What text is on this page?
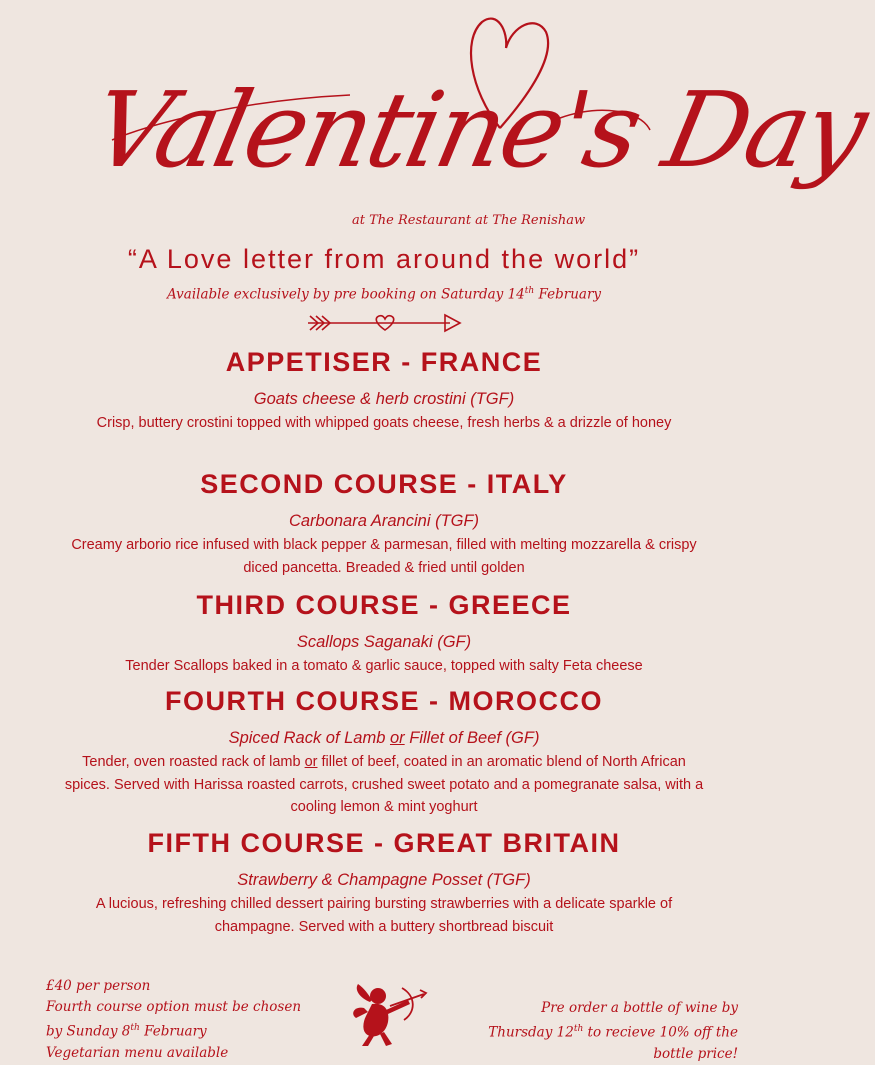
Valentine's Day
at The Restaurant at The Renishaw
“A Love letter from around the world”
Available exclusively by pre booking on Saturday 14th February
APPETISER - FRANCE
Goats cheese & herb crostini (TGF)
Crisp, buttery crostini topped with whipped goats cheese, fresh herbs & a drizzle of honey
SECOND COURSE - ITALY
Carbonara Arancini (TGF)
Creamy arborio rice infused with black pepper & parmesan, filled with melting mozzarella & crispy diced pancetta. Breaded & fried until golden
THIRD COURSE - GREECE
Scallops Saganaki (GF)
Tender Scallops baked in a tomato & garlic sauce, topped with salty Feta cheese
FOURTH COURSE - MOROCCO
Spiced Rack of Lamb or Fillet of Beef (GF)
Tender, oven roasted rack of lamb or fillet of beef, coated in an aromatic blend of North African spices. Served with Harissa roasted carrots, crushed sweet potato and a pomegranate salsa, with a cooling lemon & mint yoghurt
FIFTH COURSE - GREAT BRITAIN
Strawberry & Champagne Posset (TGF)
A lucious, refreshing chilled dessert pairing bursting strawberries with a delicate sparkle of champagne. Served with a buttery shortbread biscuit
£40 per person
Fourth course option must be chosen
by Sunday 8th February
Vegetarian menu available
Pre order a bottle of wine by
Thursday 12th to recieve 10% off the
bottle price!
